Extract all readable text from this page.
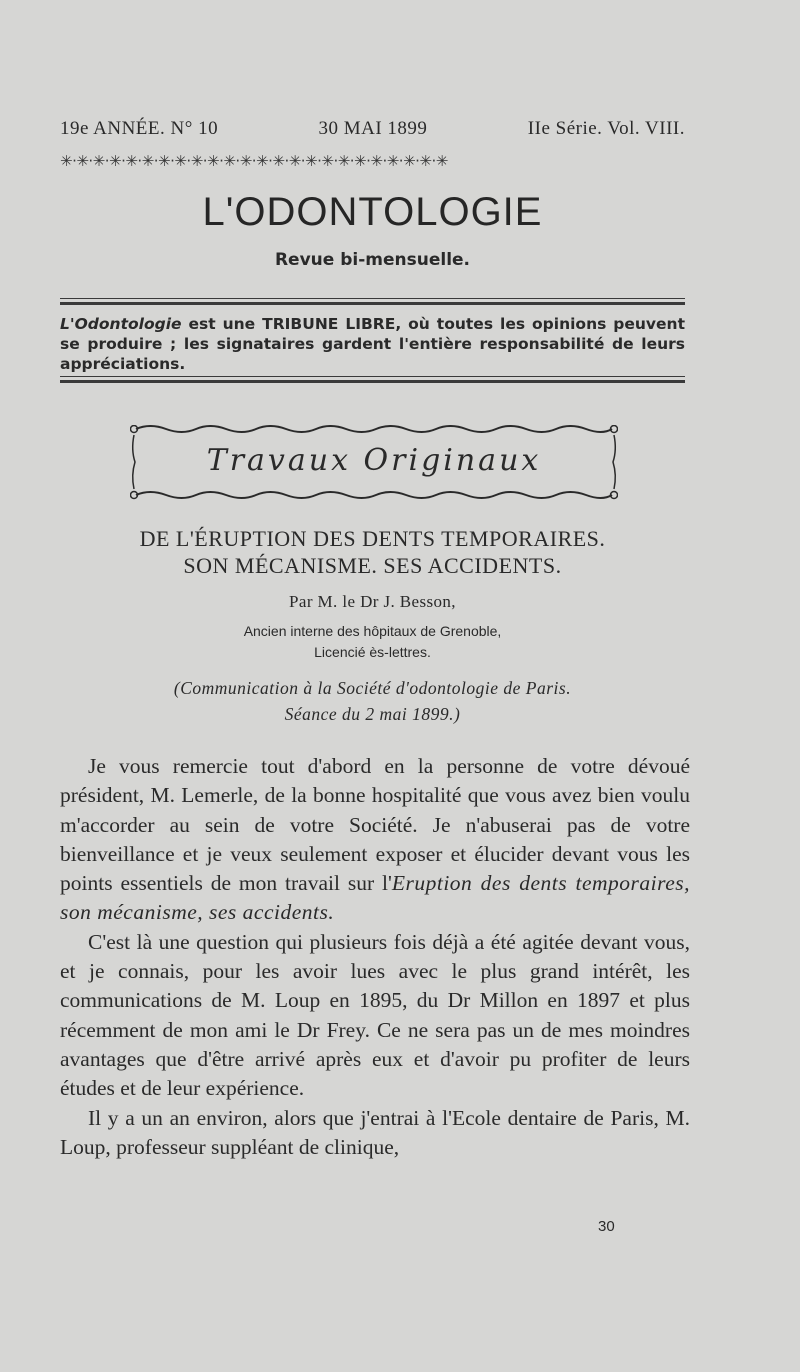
19e ANNÉE. N° 10	30 MAI 1899	IIe Série. Vol. VIII.
✳·✳·✳·✳·✳·✳·✳·✳·✳·✳·✳·✳·✳·✳·✳·✳·✳·✳·✳·✳·✳·✳·✳·✳
L'ODONTOLOGIE
Revue bi-mensuelle.
L'Odontologie est une TRIBUNE LIBRE, où toutes les opinions peuvent se produire ; les signataires gardent l'entière responsabilité de leurs appréciations.
Travaux Originaux
DE L'ÉRUPTION DES DENTS TEMPORAIRES.
SON MÉCANISME. SES ACCIDENTS.
Par M. le Dr J. Besson,
Ancien interne des hôpitaux de Grenoble,
Licencié ès-lettres.
(Communication à la Société d'odontologie de Paris.
Séance du 2 mai 1899.)

Je vous remercie tout d'abord en la personne de votre dévoué président, M. Lemerle, de la bonne hospitalité que vous avez bien voulu m'accorder au sein de votre Société. Je n'abuserai pas de votre bienveillance et je veux seulement exposer et élucider devant vous les points essentiels de mon travail sur l'Eruption des dents temporaires, son mécanisme, ses accidents.

C'est là une question qui plusieurs fois déjà a été agitée devant vous, et je connais, pour les avoir lues avec le plus grand intérêt, les communications de M. Loup en 1895, du Dr Millon en 1897 et plus récemment de mon ami le Dr Frey. Ce ne sera pas un de mes moindres avantages que d'être arrivé après eux et d'avoir pu profiter de leurs études et de leur expérience.

Il y a un an environ, alors que j'entrai à l'Ecole dentaire de Paris, M. Loup, professeur suppléant de clinique,

30
